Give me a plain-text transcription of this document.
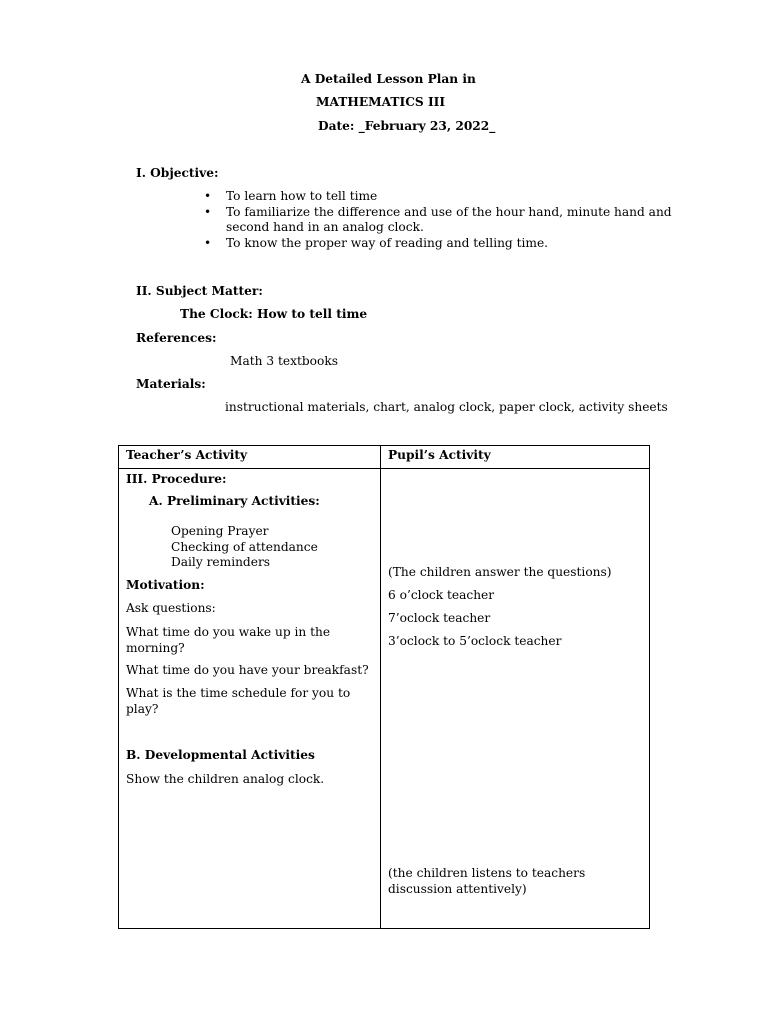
A Detailed Lesson Plan in
MATHEMATICS III
Date: _February 23, 2022_
I. Objective:
• To learn how to tell time
• To familiarize the difference and use of the hour hand, minute hand and second hand in an analog clock.
• To know the proper way of reading and telling time.
II. Subject Matter:
The Clock: How to tell time
References:
Math 3 textbooks
Materials:
instructional materials, chart, analog clock, paper clock, activity sheets
Teacher’s Activity	Pupil’s Activity
III. Procedure:
A. Preliminary Activities:
Opening Prayer
Checking of attendance
Daily reminders
Motivation:
Ask questions:
What time do you wake up in the morning?
What time do you have your breakfast?
What is the time schedule for you to play?
B. Developmental Activities
Show the children analog clock.
(The children answer the questions)
6 o’clock teacher
7’oclock teacher
3’oclock to 5’oclock teacher
(the children listens to teachers discussion attentively)
